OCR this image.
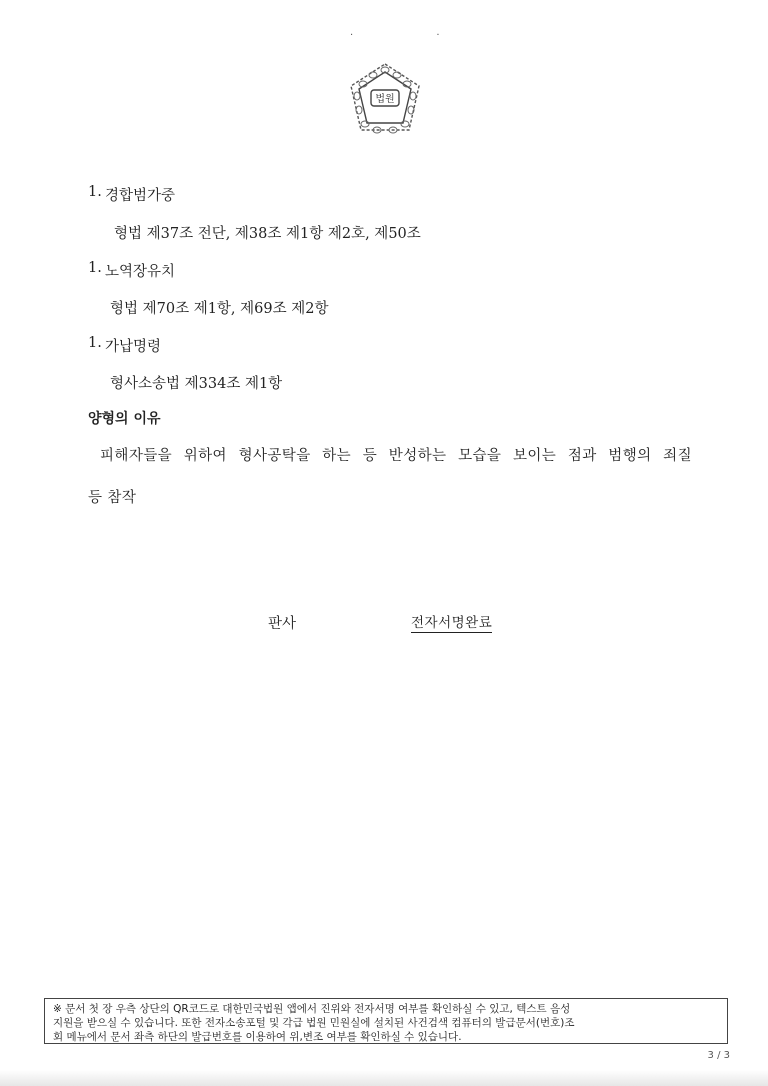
· ·
법원
1. 경합범가중
형법 제37조 전단, 제38조 제1항 제2호, 제50조
1. 노역장유치
형법 제70조 제1항, 제69조 제2항
1. 가납명령
형사소송법 제334조 제1항
양형의 이유
피해자들을 위하여 형사공탁을 하는 등 반성하는 모습을 보이는 점과 범행의 죄질
등 참작
판사	전자서명완료
※ 문서 첫 장 우측 상단의 QR코드로 대한민국법원 앱에서 진위와 전자서명 여부를 확인하실 수 있고, 텍스트 음성
지원을 받으실 수 있습니다. 또한 전자소송포털 및 각급 법원 민원실에 설치된 사건검색 컴퓨터의 발급문서(번호)조
회 메뉴에서 문서 좌측 하단의 발급번호를 이용하여 위,변조 여부를 확인하실 수 있습니다.
3 / 3
